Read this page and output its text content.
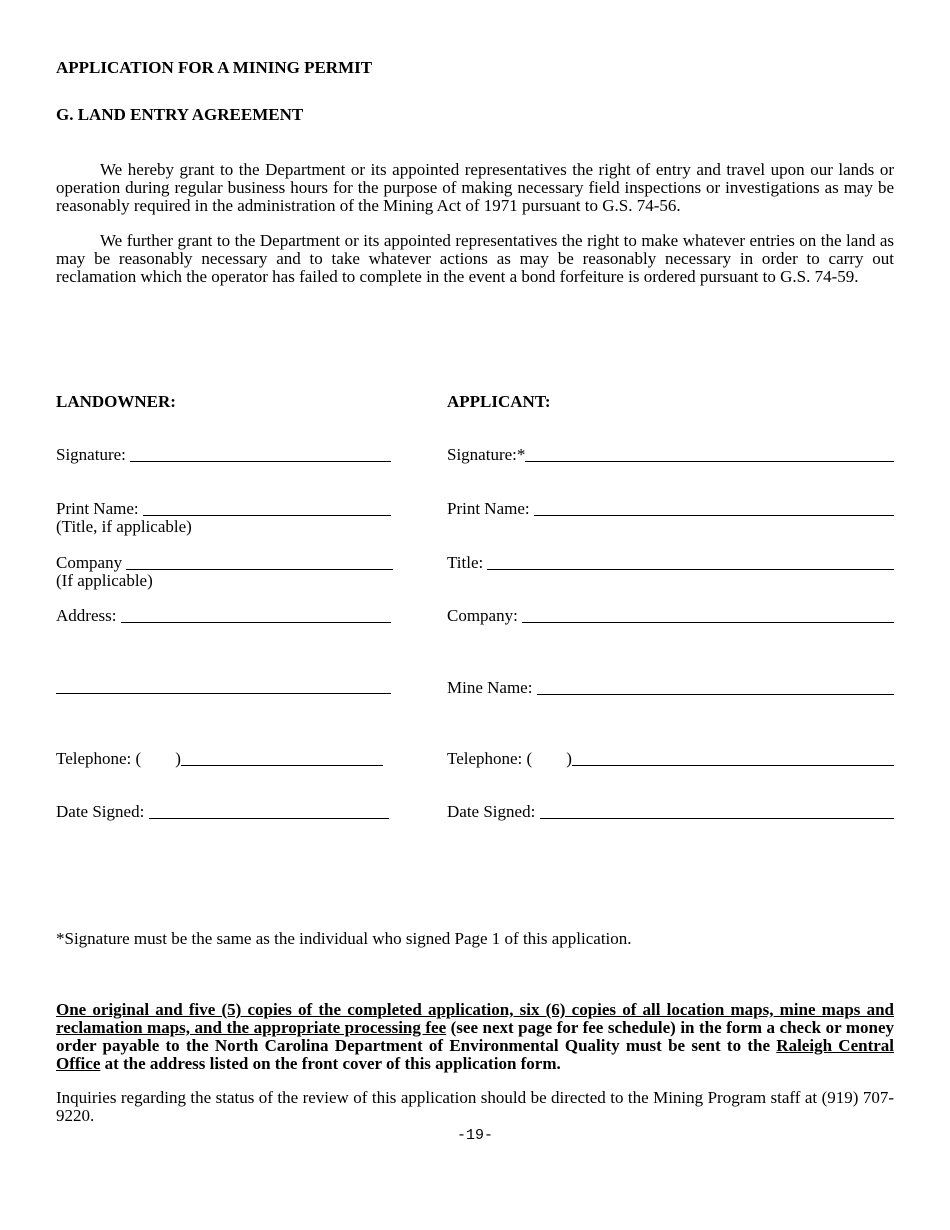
APPLICATION FOR A MINING PERMIT
G. LAND ENTRY AGREEMENT
We hereby grant to the Department or its appointed representatives the right of entry and travel upon our lands or operation during regular business hours for the purpose of making necessary field inspections or investigations as may be reasonably required in the administration of the Mining Act of 1971 pursuant to G.S. 74-56.
We further grant to the Department or its appointed representatives the right to make whatever entries on the land as may be reasonably necessary and to take whatever actions as may be reasonably necessary in order to carry out reclamation which the operator has failed to complete in the event a bond forfeiture is ordered pursuant to G.S. 74-59.
LANDOWNER:	APPLICANT:
Signature:
Print Name:
(Title, if applicable)
Company
(If applicable)
Address:
Telephone: (        )
Date Signed:
Signature:*
Print Name:
Title:
Company:
Mine Name:
Telephone: (        )
Date Signed:
*Signature must be the same as the individual who signed Page 1 of this application.
One original and five (5) copies of the completed application, six (6) copies of all location maps, mine maps and reclamation maps, and the appropriate processing fee (see next page for fee schedule) in the form a check or money order payable to the North Carolina Department of Environmental Quality must be sent to the Raleigh Central Office at the address listed on the front cover of this application form.
Inquiries regarding the status of the review of this application should be directed to the Mining Program staff at (919) 707-9220.
-19-
